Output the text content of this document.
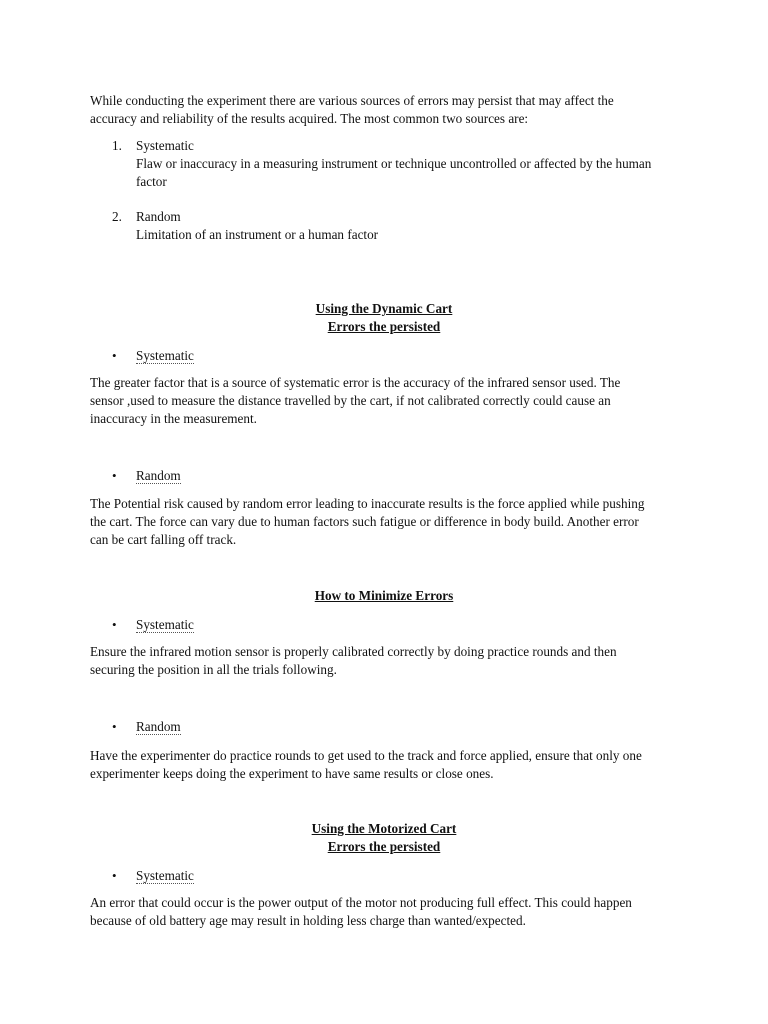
While conducting the experiment there are various sources of errors may persist that may affect the

accuracy and reliability of the results acquired. The most common two sources are:

1. Systematic

Flaw or inaccuracy in a measuring instrument or technique uncontrolled or affected by the human

factor

2. Random

Limitation of an instrument or a human factor

Using the Dynamic Cart
Errors the persisted
• Systematic

The greater factor that is a source of systematic error is the accuracy of the infrared sensor used. The

sensor ,used to measure the distance travelled by the cart, if not calibrated correctly could cause an

inaccuracy in the measurement.

• Random

The Potential risk caused by random error leading to inaccurate results is the force applied while pushing

the cart. The force can vary due to human factors such fatigue or difference in body build. Another error

can be cart falling off track.

How to Minimize Errors
• Systematic

Ensure the infrared motion sensor is properly calibrated correctly by doing practice rounds and then

securing the position in all the trials following.

• Random

Have the experimenter do practice rounds to get used to the track and force applied, ensure that only one

experimenter keeps doing the experiment to have same results or close ones.

Using the Motorized Cart
Errors the persisted
• Systematic

An error that could occur is the power output of the motor not producing full effect. This could happen

because of old battery age may result in holding less charge than wanted/expected.
